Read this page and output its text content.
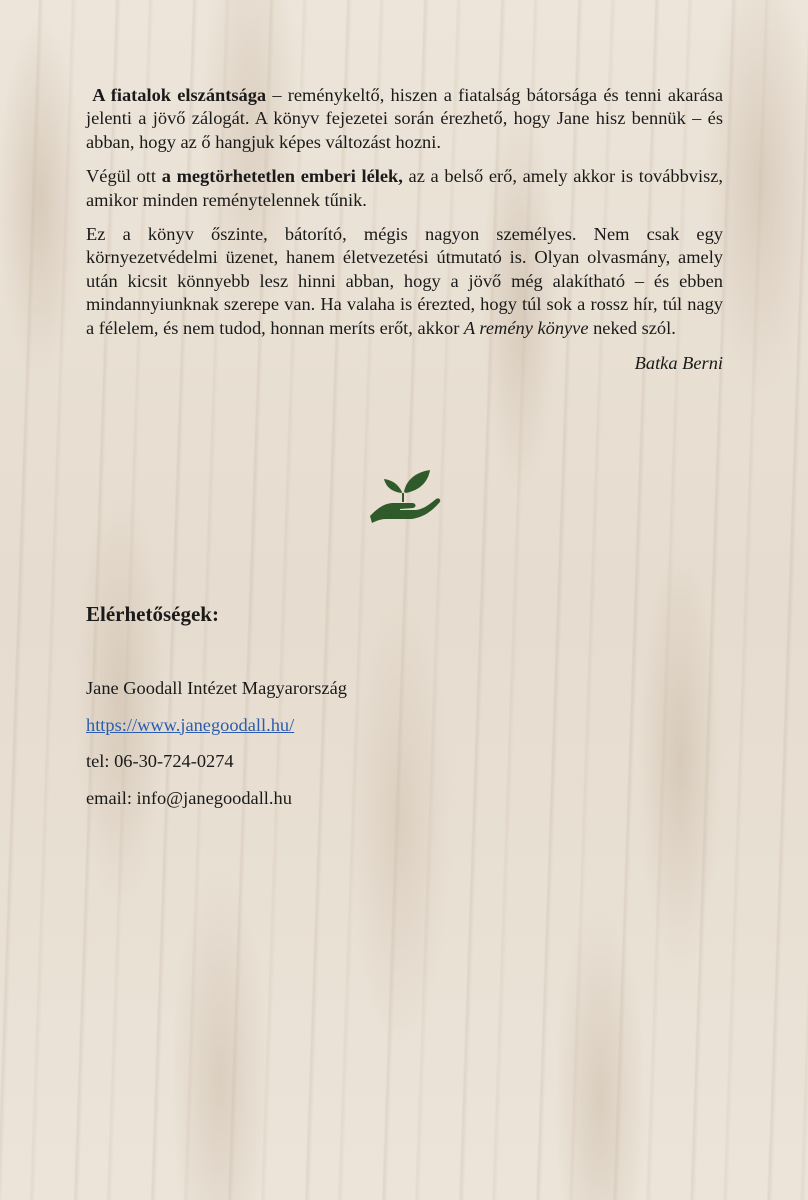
A fiatalok elszántsága – reménykeltő, hiszen a fiatalság bátorsága és tenni akarása jelenti a jövő zálogát. A könyv fejezetei során érezhető, hogy Jane hisz bennük – és abban, hogy az ő hangjuk képes változást hozni.

Végül ott a megtörhetetlen emberi lélek, az a belső erő, amely akkor is továbbvisz, amikor minden reménytelennek tűnik.

Ez a könyv őszinte, bátorító, mégis nagyon személyes. Nem csak egy környezetvédelmi üzenet, hanem életvezetési útmutató is. Olyan olvasmány, amely után kicsit könnyebb lesz hinni abban, hogy a jövő még alakítható – és ebben mindannyiunknak szerepe van. Ha valaha is érezted, hogy túl sok a rossz hír, túl nagy a félelem, és nem tudod, honnan meríts erőt, akkor A remény könyve neked szól.

Batka Berni
Elérhetőségek:
Jane Goodall Intézet Magyarország
https://www.janegoodall.hu/
tel: 06-30-724-0274
email: info@janegoodall.hu
